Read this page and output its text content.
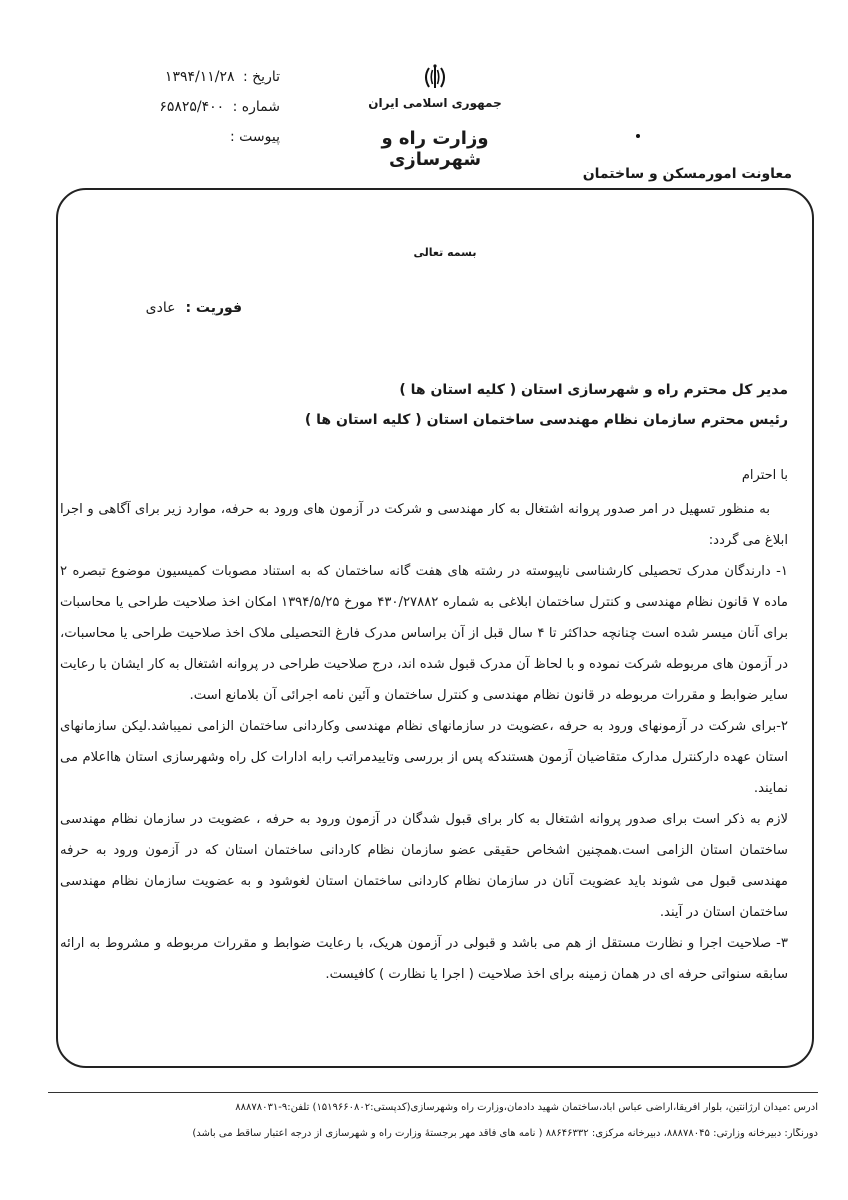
جمهوری اسلامی ایران
وزارت راه و شهرسازی
معاونت امورمسکن و ساختمان
تاریخ : ۱۳۹۴/۱۱/۲۸
شماره : ۶۵۸۲۵/۴۰۰
پیوست :
بسمه تعالی
فوریت :عادی
مدیر کل محترم راه و شهرسازی استان ( کلیه استان ها )
رئیس محترم سازمان نظام مهندسی ساختمان استان ( کلیه استان ها )
با احترام

به منظور تسهیل در امر صدور پروانه اشتغال به کار مهندسی و شرکت در آزمون های ورود به حرفه، موارد زیر برای آگاهی و اجرا ابلاغ می گردد:

۱- دارندگان مدرک تحصیلی کارشناسی ناپیوسته در رشته های هفت گانه ساختمان که به استناد مصوبات کمیسیون موضوع تبصره ۲ ماده ۷ قانون نظام مهندسی و کنترل ساختمان ابلاغی به شماره ۴۳۰/۲۷۸۸۲ مورخ ۱۳۹۴/۵/۲۵ امکان اخذ صلاحیت طراحی یا محاسبات برای آنان میسر شده است چنانچه حداکثر تا ۴ سال قبل از آن براساس مدرک فارغ التحصیلی ملاک اخذ صلاحیت طراحی یا محاسبات، در آزمون های مربوطه شرکت نموده و با لحاظ آن مدرک قبول شده اند، درج صلاحیت طراحی در پروانه اشتغال به کار ایشان با رعایت سایر ضوابط و مقررات مربوطه در قانون نظام مهندسی و کنترل ساختمان و آئین نامه اجرائی آن بلامانع است.

۲-برای شرکت در آزمونهای ورود به حرفه ،عضویت در سازمانهای نظام مهندسی وکاردانی ساختمان الزامی نمیباشد.لیکن سازمانهای استان عهده دارکنترل مدارک متقاضیان آزمون هستندکه پس از بررسی وتاییدمراتب رابه ادارات کل راه وشهرسازی استان هااعلام می نمایند.

لازم به ذکر است برای صدور پروانه اشتغال به کار برای قبول شدگان در آزمون ورود به حرفه ، عضویت در سازمان نظام مهندسی ساختمان استان الزامی است.همچنین اشخاص حقیقی عضو سازمان نظام کاردانی ساختمان استان که در آزمون ورود به حرفه مهندسی قبول می شوند باید عضویت آنان در سازمان نظام کاردانی ساختمان استان لغوشود و به عضویت سازمان نظام مهندسی ساختمان استان در آیند.

۳- صلاحیت اجرا و نظارت مستقل از هم می باشد و قبولی در آزمون هریک، با رعایت ضوابط و مقررات مربوطه و مشروط به ارائه سابقه سنواتی حرفه ای در همان زمینه برای اخذ صلاحیت ( اجرا یا نظارت ) کافیست.

آدرس :میدان آرژانتین، بلوار آفریقا،اراضی عباس آباد،ساختمان شهید دادمان،وزارت راه وشهرسازی(کدپستی:۱۵۱۹۶۶۰۸۰۲) تلفن:۹-۸۸۸۷۸۰۳۱
دورنگار: دبیرخانه وزارتی: ۸۸۸۷۸۰۴۵، دبیرخانه مرکزی: ۸۸۶۴۶۳۳۲ ( نامه های فاقد مهر برجستهٔ وزارت راه و شهرسازی از درجه اعتبار ساقط می باشد)
